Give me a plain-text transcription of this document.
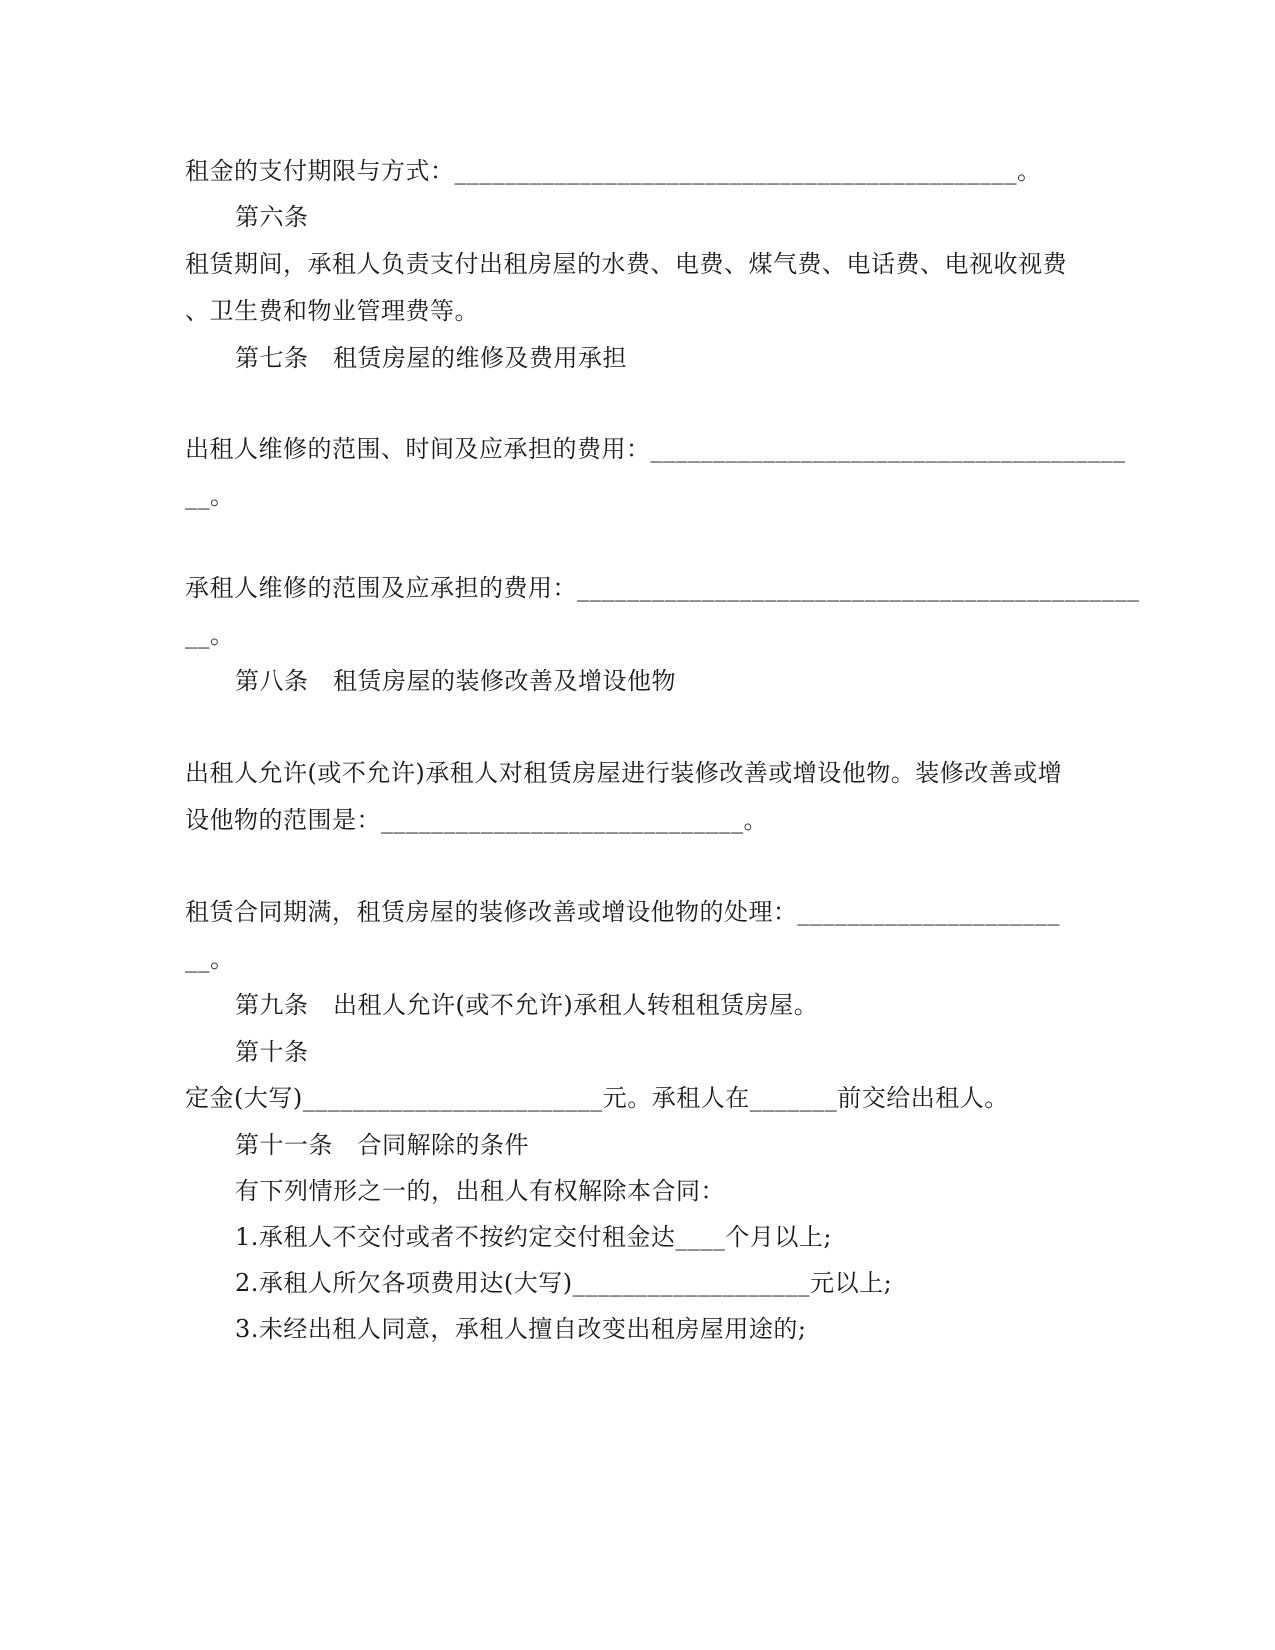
租金的支付期限与方式：_____________________________________________。
第六条
租赁期间，承租人负责支付出租房屋的水费、电费、煤气费、电话费、电视收视费
、卫生费和物业管理费等。
第七条　租赁房屋的维修及费用承担
出租人维修的范围、时间及应承担的费用：______________________________________
__。
承租人维修的范围及应承担的费用：_____________________________________________
__。
第八条　租赁房屋的装修改善及增设他物
出租人允许(或不允许)承租人对租赁房屋进行装修改善或增设他物。装修改善或增
设他物的范围是：_____________________________。
租赁合同期满，租赁房屋的装修改善或增设他物的处理：_____________________
__。
第九条　出租人允许(或不允许)承租人转租租赁房屋。
第十条
定金(大写)________________________元。承租人在_______前交给出租人。
第十一条　合同解除的条件
有下列情形之一的，出租人有权解除本合同：
1.承租人不交付或者不按约定交付租金达____个月以上;
2.承租人所欠各项费用达(大写)___________________元以上;
3.未经出租人同意，承租人擅自改变出租房屋用途的;
